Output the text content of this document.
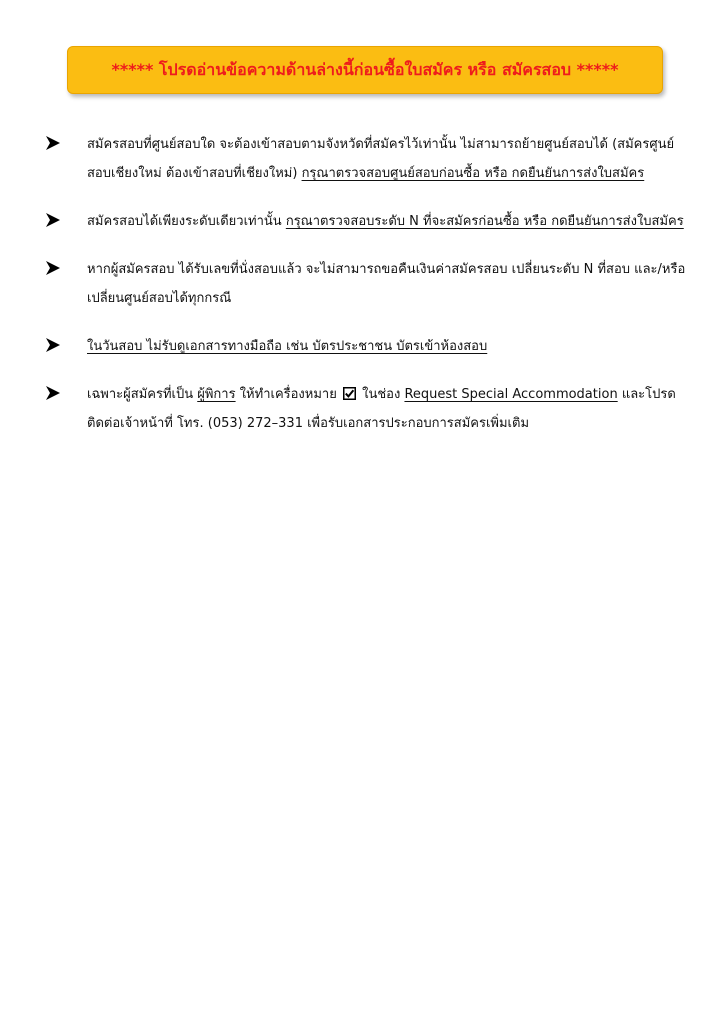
***** โปรดอ่านข้อความด้านล่างนี้ก่อนซื้อใบสมัคร หรือ สมัครสอบ *****
สมัครสอบที่ศูนย์สอบใด จะต้องเข้าสอบตามจังหวัดที่สมัครไว้เท่านั้น ไม่สามารถย้ายศูนย์สอบได้ (สมัครศูนย์สอบเชียงใหม่ ต้องเข้าสอบที่เชียงใหม่) กรุณาตรวจสอบศูนย์สอบก่อนซื้อ หรือ กดยืนยันการส่งใบสมัคร
สมัครสอบได้เพียงระดับเดียวเท่านั้น กรุณาตรวจสอบระดับ N ที่จะสมัครก่อนซื้อ หรือ กดยืนยันการส่งใบสมัคร
หากผู้สมัครสอบ ได้รับเลขที่นั่งสอบแล้ว จะไม่สามารถขอคืนเงินค่าสมัครสอบ เปลี่ยนระดับ N ที่สอบ และ/หรือ เปลี่ยนศูนย์สอบได้ทุกกรณี
ในวันสอบ ไม่รับดูเอกสารทางมือถือ เช่น บัตรประชาชน บัตรเข้าห้องสอบ
เฉพาะผู้สมัครที่เป็น ผู้พิการ ให้ทำเครื่องหมาย  ในช่อง Request Special Accommodation และโปรดติดต่อเจ้าหน้าที่ โทร. (053) 272–331 เพื่อรับเอกสารประกอบการสมัครเพิ่มเติม
